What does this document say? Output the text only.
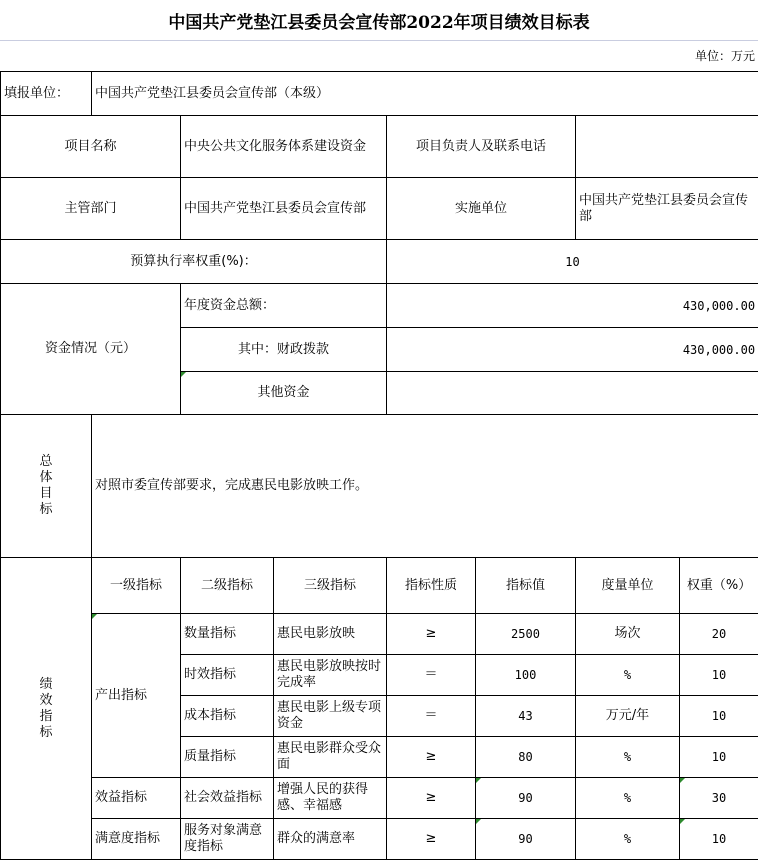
中国共产党垫江县委员会宣传部2022年项目绩效目标表
单位：万元
填报单位：	中国共产党垫江县委员会宣传部（本级）						
项目名称		中央公共文化服务体系建设资金		项目负责人及联系电话			
主管部门		中国共产党垫江县委员会宣传部		实施单位		中国共产党垫江县委员会宣传部	
预算执行率权重(%)：				10			
资金情况（元）		年度资金总额：		430,000.00			
		其中：财政拨款		430,000.00			
		其他资金					

总
体
目
标	对照市委宣传部要求，完成惠民电影放映工作。						

绩
效
指
标	一级指标	二级指标	三级指标	指标性质	指标值	度量单位	权重（%）
	产出指标	数量指标	惠民电影放映	≥	2500	场次	20
		时效指标	惠民电影放映按时完成率	＝	100	%	10
		成本指标	惠民电影上级专项资金	＝	43	万元/年	10
		质量指标	惠民电影群众受众面	≥	80	%	10
	效益指标	社会效益指标	增强人民的获得感、幸福感	≥	90	%	30
	满意度指标	服务对象满意度指标	群众的满意率	≥	90	%	10
